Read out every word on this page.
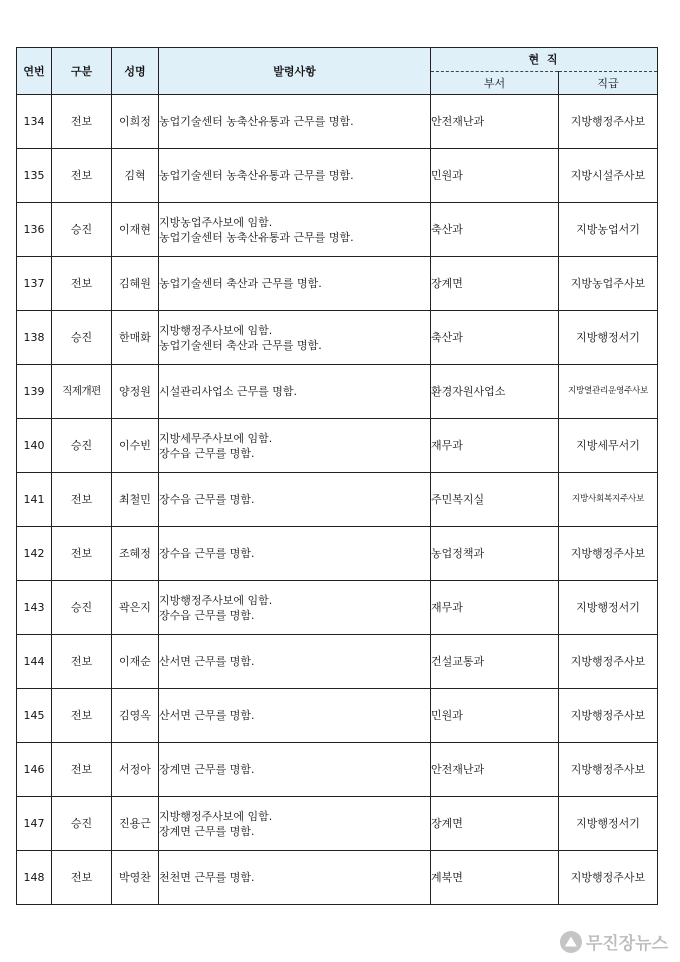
연번	구분	성명	발령사항	현 직	
				부서	직급
134	전보	이희정	농업기술센터 농축산유통과 근무를 명함.	안전재난과	지방행정주사보
135	전보	김혁	농업기술센터 농축산유통과 근무를 명함.	민원과	지방시설주사보
136	승진	이재현	지방농업주사보에 임함.
농업기술센터 농축산유통과 근무를 명함.	축산과	지방농업서기
137	전보	김혜원	농업기술센터 축산과 근무를 명함.	장계면	지방농업주사보
138	승진	한매화	지방행정주사보에 임함.
농업기술센터 축산과 근무를 명함.	축산과	지방행정서기
139	직제개편	양정원	시설관리사업소 근무를 명함.	환경자원사업소	지방열관리운영주사보
140	승진	이수빈	지방세무주사보에 임함.
장수읍 근무를 명함.	재무과	지방세무서기
141	전보	최철민	장수읍 근무를 명함.	주민복지실	지방사회복지주사보
142	전보	조혜정	장수읍 근무를 명함.	농업정책과	지방행정주사보
143	승진	곽은지	지방행정주사보에 임함.
장수읍 근무를 명함.	재무과	지방행정서기
144	전보	이재순	산서면 근무를 명함.	건설교통과	지방행정주사보
145	전보	김영옥	산서면 근무를 명함.	민원과	지방행정주사보
146	전보	서정아	장계면 근무를 명함.	안전재난과	지방행정주사보
147	승진	진용근	지방행정주사보에 임함.
장계면 근무를 명함.	장계면	지방행정서기
148	전보	박영찬	천천면 근무를 명함.	계북면	지방행정주사보
무진장뉴스
